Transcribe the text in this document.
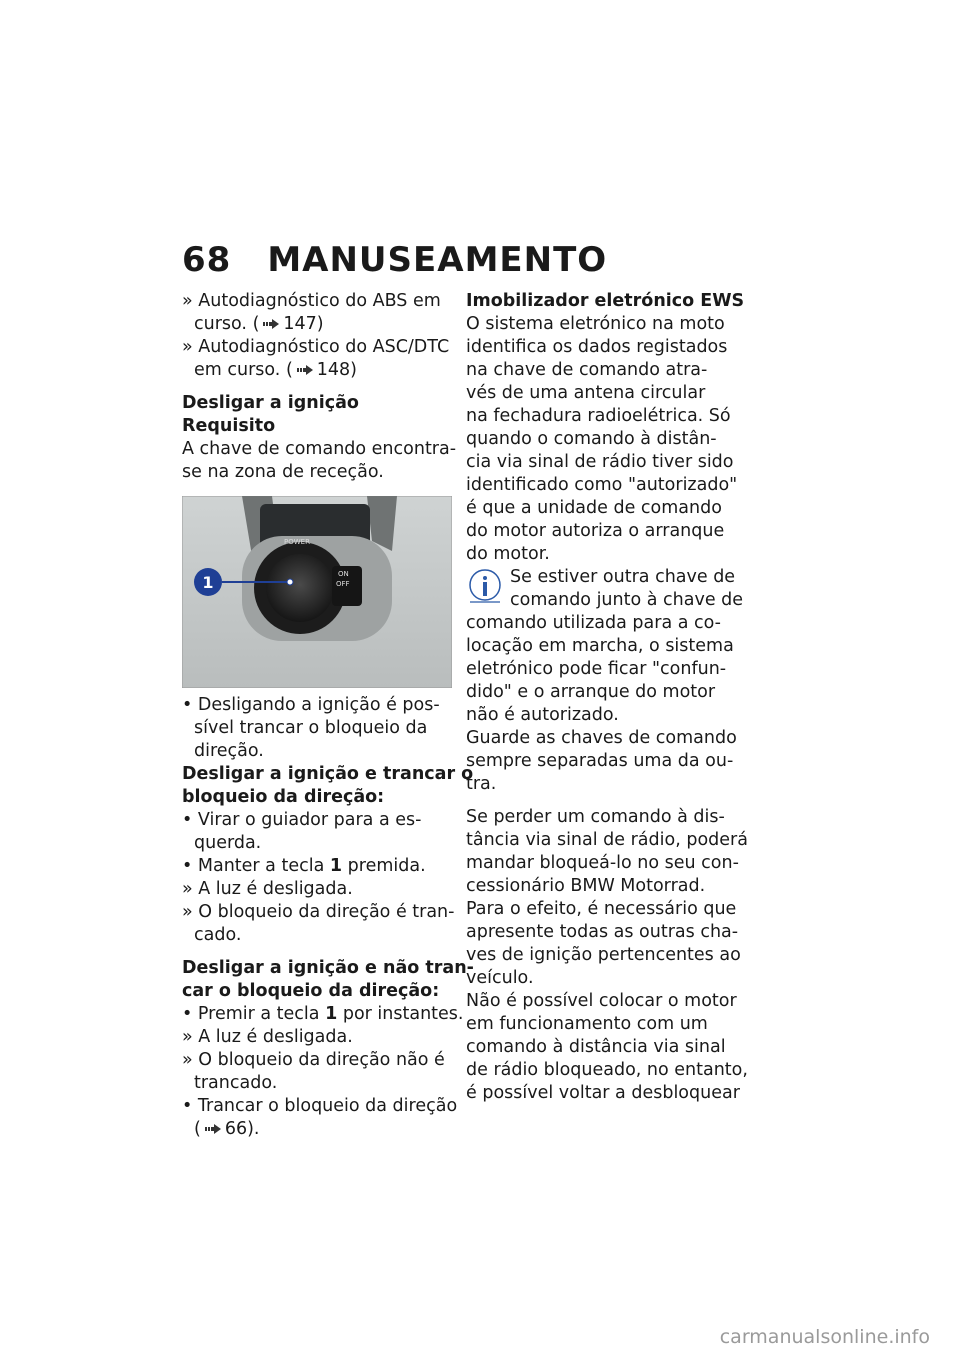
68 MANUSEAMENTO
» Autodiagnóstico do ABS em
curso. ( 147)
» Autodiagnóstico do ASC/DTC
em curso. ( 148)
Desligar a ignição
Requisito
A chave de comando encontra-
se na zona de receção.
POWER
ON
OFF
1
• Desligando a ignição é pos-
sível trancar o bloqueio da
direção.
Desligar a ignição e trancar o
bloqueio da direção:
• Virar o guiador para a es-
querda.
• Manter a tecla 1 premida.
» A luz é desligada.
» O bloqueio da direção é tran-
cado.
Desligar a ignição e não tran-
car o bloqueio da direção:
• Premir a tecla 1 por instantes.
» A luz é desligada.
» O bloqueio da direção não é
trancado.
• Trancar o bloqueio da direção
( 66).
Imobilizador eletrónico EWS
O sistema eletrónico na moto
identifica os dados registados
na chave de comando atra-
vés de uma antena circular
na fechadura radioelétrica. Só
quando o comando à distân-
cia via sinal de rádio tiver sido
identificado como "autorizado"
é que a unidade de comando
do motor autoriza o arranque
do motor.
Se estiver outra chave de
comando junto à chave de
comando utilizada para a co-
locação em marcha, o sistema
eletrónico pode ficar "confun-
dido" e o arranque do motor
não é autorizado.
Guarde as chaves de comando
sempre separadas uma da ou-
tra.
Se perder um comando à dis-
tância via sinal de rádio, poderá
mandar bloqueá-lo no seu con-
cessionário BMW Motorrad.
Para o efeito, é necessário que
apresente todas as outras cha-
ves de ignição pertencentes ao
veículo.
Não é possível colocar o motor
em funcionamento com um
comando à distância via sinal
de rádio bloqueado, no entanto,
é possível voltar a desbloquear
carmanualsonline.info
